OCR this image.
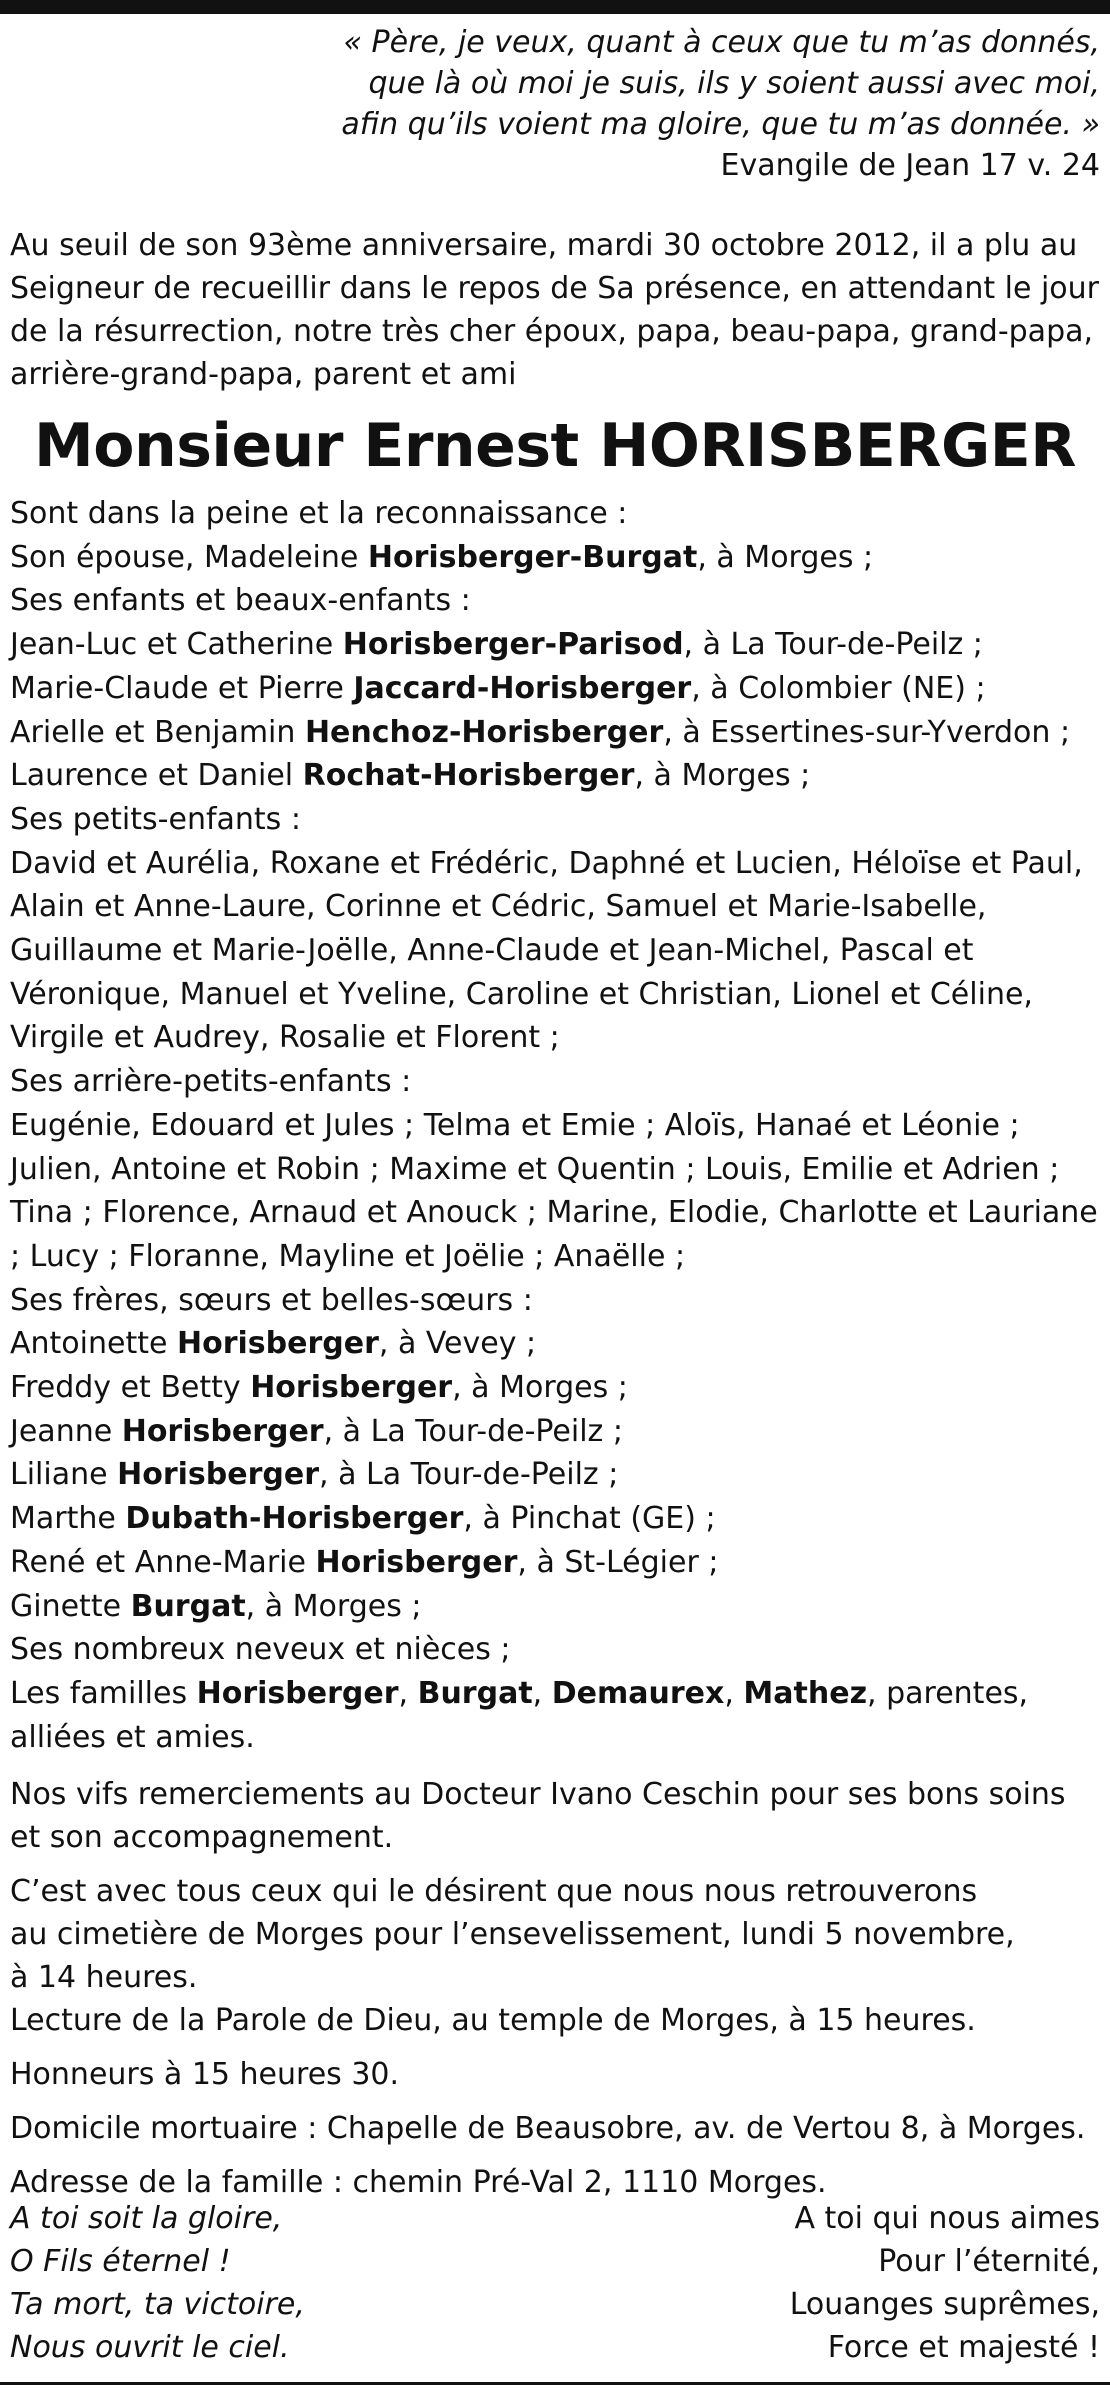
« Père, je veux, quant à ceux que tu m’as donnés,
que là où moi je suis, ils y soient aussi avec moi,
afin qu’ils voient ma gloire, que tu m’as donnée. »
Evangile de Jean 17 v. 24
Au seuil de son 93ème anniversaire, mardi 30 octobre 2012, il a plu au Seigneur de recueillir dans le repos de Sa présence, en attendant le jour de la résurrection, notre très cher époux, papa, beau-papa, grand-papa, arrière-grand-papa, parent et ami
Monsieur Ernest HORISBERGER
Sont dans la peine et la reconnaissance :
Son épouse, Madeleine Horisberger-Burgat, à Morges ;
Ses enfants et beaux-enfants :
Jean-Luc et Catherine Horisberger-Parisod, à La Tour-de-Peilz ;
Marie-Claude et Pierre Jaccard-Horisberger, à Colombier (NE) ;
Arielle et Benjamin Henchoz-Horisberger, à Essertines-sur-Yverdon ;
Laurence et Daniel Rochat-Horisberger, à Morges ;
Ses petits-enfants :
David et Aurélia, Roxane et Frédéric, Daphné et Lucien, Héloïse et Paul, Alain et Anne-Laure, Corinne et Cédric, Samuel et Marie-Isabelle, Guillaume et Marie-Joëlle, Anne-Claude et Jean-Michel, Pascal et Véronique, Manuel et Yveline, Caroline et Christian, Lionel et Céline, Virgile et Audrey, Rosalie et Florent ;
Ses arrière-petits-enfants :
Eugénie, Edouard et Jules ; Telma et Emie ; Aloïs, Hanaé et Léonie ; Julien, Antoine et Robin ; Maxime et Quentin ; Louis, Emilie et Adrien ; Tina ; Florence, Arnaud et Anouck ; Marine, Elodie, Charlotte et Lauriane ; Lucy ; Floranne, Mayline et Joëlie ; Anaëlle ;
Ses frères, sœurs et belles-sœurs :
Antoinette Horisberger, à Vevey ;
Freddy et Betty Horisberger, à Morges ;
Jeanne Horisberger, à La Tour-de-Peilz ;
Liliane Horisberger, à La Tour-de-Peilz ;
Marthe Dubath-Horisberger, à Pinchat (GE) ;
René et Anne-Marie Horisberger, à St-Légier ;
Ginette Burgat, à Morges ;
Ses nombreux neveux et nièces ;
Les familles Horisberger, Burgat, Demaurex, Mathez, parentes, alliées et amies.
Nos vifs remerciements au Docteur Ivano Ceschin pour ses bons soins et son accompagnement.
C’est avec tous ceux qui le désirent que nous nous retrouverons
au cimetière de Morges pour l’ensevelissement, lundi 5 novembre,
à 14 heures.
Lecture de la Parole de Dieu, au temple de Morges, à 15 heures.
Honneurs à 15 heures 30.
Domicile mortuaire : Chapelle de Beausobre, av. de Vertou 8, à Morges.
Adresse de la famille : chemin Pré-Val 2, 1110 Morges.
A toi soit la gloire,
O Fils éternel !
Ta mort, ta victoire,
Nous ouvrit le ciel.
A toi qui nous aimes
Pour l’éternité,
Louanges suprêmes,
Force et majesté !
